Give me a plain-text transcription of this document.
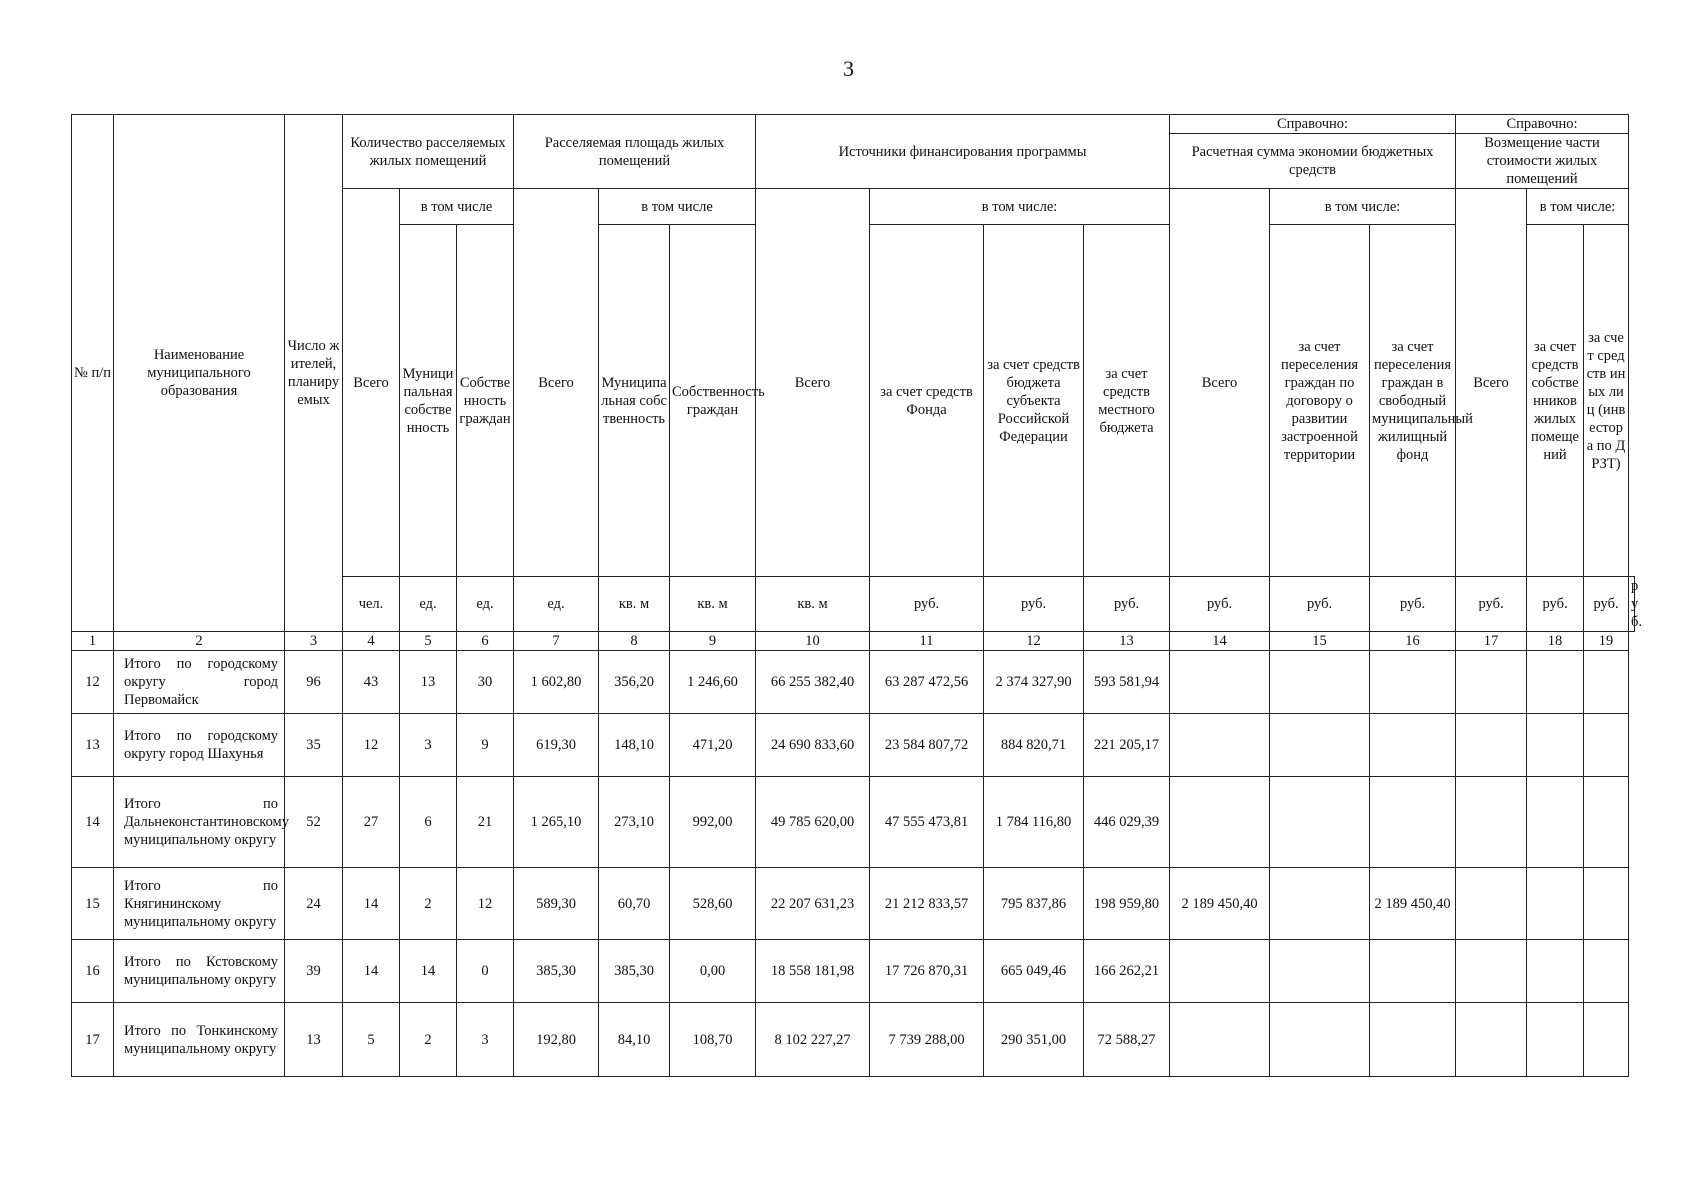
3
№ п/п	Наименование муниципального образования	Число жителей, планируемых	Количество расселяемых жилых помещений			Расселяемая площадь жилых помещений			Источники финансирования программы				Справочно:			Справочно:			
													Расчетная сумма экономии бюджетных средств			Возмещение части стоимости жилых помещений			
			Всего	в том числе		Всего	в том числе		Всего	в том числе:			Всего	в том числе:		Всего	в том числе:		
				Муниципальная собственность	Собственность граждан		Муниципальная собственность	Собственность граждан		за счет средств Фонда	за счет средств бюджета субъекта Российской Федерации	за счет средств местного бюджета		за счет переселения граждан по договору о развитии застроенной территории	за счет переселения граждан в свободный муниципальный жилищный фонд		за счет средств собственников жилых помещений	за счет средств иных лиц (инвестора по ДРЗТ)	
			чел.	ед.	ед.	ед.	кв. м	кв. м	кв. м	руб.	руб.	руб.	руб.	руб.	руб.	руб.	руб.	руб.	руб.
1	2	3	4	5	6	7	8	9	10	11	12	13	14	15	16	17	18	19	
12	Итого по городскому округу город Первомайск	96	43	13	30	1 602,80	356,20	1 246,60	66 255 382,40	63 287 472,56	2 374 327,90	593 581,94							
13	Итого по городскому округу город Шахунья	35	12	3	9	619,30	148,10	471,20	24 690 833,60	23 584 807,72	884 820,71	221 205,17							
14	Итого по Дальнеконстантиновскому муниципальному округу	52	27	6	21	1 265,10	273,10	992,00	49 785 620,00	47 555 473,81	1 784 116,80	446 029,39							
15	Итого по Княгининскому муниципальному округу	24	14	2	12	589,30	60,70	528,60	22 207 631,23	21 212 833,57	795 837,86	198 959,80	2 189 450,40		2 189 450,40				
16	Итого по Кстовскому муниципальному округу	39	14	14	0	385,30	385,30	0,00	18 558 181,98	17 726 870,31	665 049,46	166 262,21							
17	Итого по Тонкинскому муниципальному округу	13	5	2	3	192,80	84,10	108,70	8 102 227,27	7 739 288,00	290 351,00	72 588,27							
